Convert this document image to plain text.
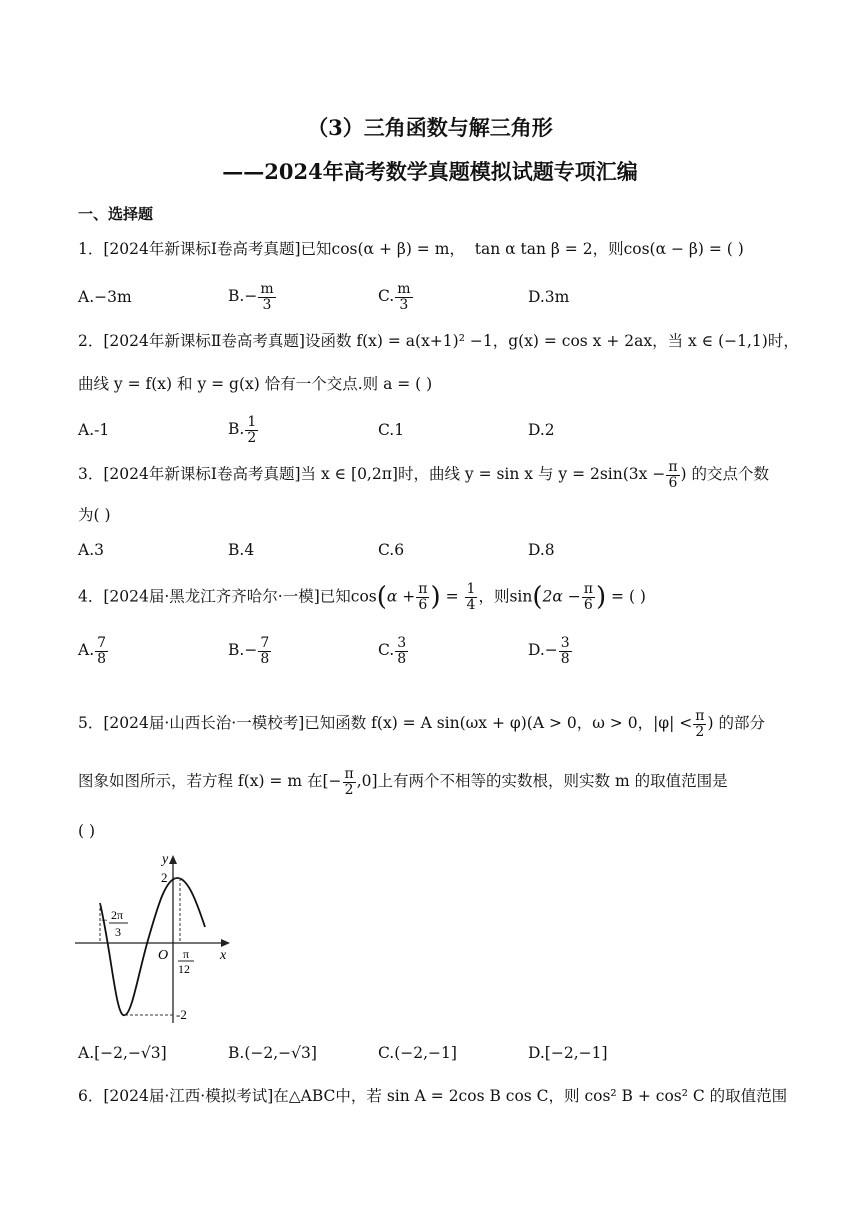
（3）三角函数与解三角形
——2024年高考数学真题模拟试题专项汇编
一、选择题
1．[2024年新课标Ⅰ卷高考真题]已知cos(α + β) = m， tan α tan β = 2，则cos(α − β) = ( )
A.−3m	$B.- \frac{m}{3}$	C. $\frac{m}{3}$	D.3m
2．[2024年新课标Ⅱ卷高考真题]设函数 f(x) = a(x+1)² −1，g(x) = cos x + 2ax，当 x ∈ (−1,1)时，
曲线 y = f(x) 和 y = g(x) 恰有一个交点.则 a = ( )
A.-1	B. $\frac{1}{2}$	C.1	D.2
3．[2024年新课标Ⅰ卷高考真题]当 x ∈ [0,2π]时，曲线 y = sin x 与 $y = 2\sin(3x - \frac{\pi}{6}$ ) 的交点个数
为( )
A.3	B.4	C.6	D.8
4．[2024届·黑龙江齐齐哈尔·一模]已知$\cos(\alpha + \frac{\pi}{6}$ ) = $\frac{1}{4}$ ，则$\sin(2\alpha - \frac{\pi}{6}$ ) = ( )
A. $\frac{7}{8}$	$B.- \frac{7}{8}$	C. $\frac{3}{8}$	$D.- \frac{3}{8}$
5．[2024届·山西长治·一模校考]已知函数 f(x) = A sin(ωx + φ)(A > 0，ω > 0，$|\varphi| < \frac{\pi}{2}$ ) 的部分
图象如图所示，若方程 f(x) = m 在[− $\frac{\pi}{2} ,0$]上有两个不相等的实数根，则实数 m 的取值范围是
( )
y
x
O
2
-2
− 2π
3
π
12
A.[−2,−√3]	B.(−2,−√3]	C.(−2,−1]	D.[−2,−1]
6．[2024届·江西·模拟考试]在△ABC中，若 sin A = 2cos B cos C，则 cos² B + cos² C 的取值范围
